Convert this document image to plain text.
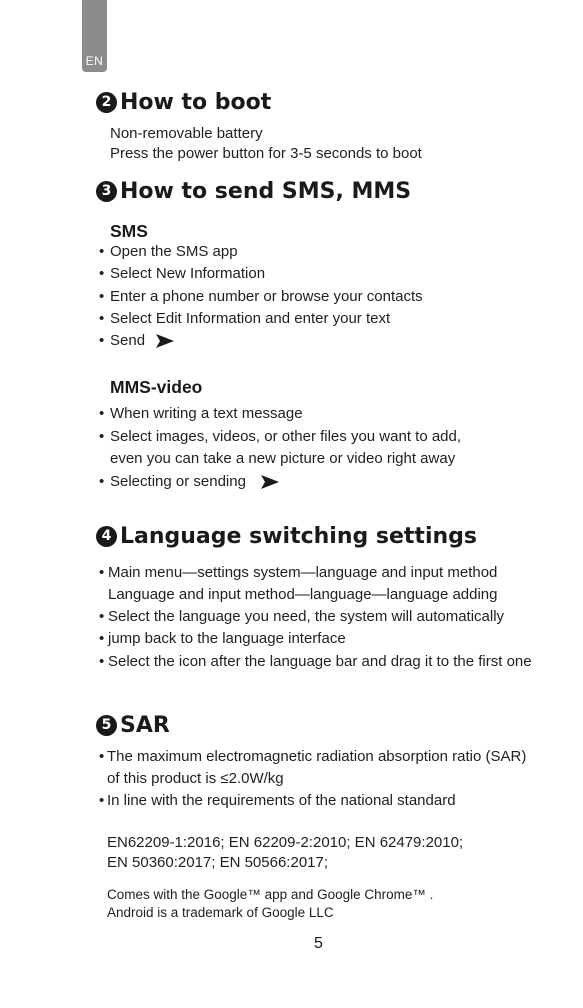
EN
2 How to boot
Non-removable battery
Press the power button for 3-5 seconds to boot
3 How to send SMS, MMS
SMS
• Open the SMS app
• Select New Information
• Enter a phone number or browse your contacts
• Select Edit Information and enter your text
• Send
MMS-video
• When writing a text message
• Select images, videos, or other files you want to add,
even you can take a new picture or video right away
• Selecting or sending
4 Language switching settings
• Main menu—settings system—language and input method
Language and input method—language—language adding
• Select the language you need, the system will automatically
• jump back to the language interface
• Select the icon after the language bar and drag it to the first one
5 SAR
• The maximum electromagnetic radiation absorption ratio (SAR)
of this product is ≤2.0W/kg
• In line with the requirements of the national standard
EN62209-1:2016; EN 62209-2:2010; EN 62479:2010;
EN 50360:2017; EN 50566:2017;
Comes with the Google™ app and Google Chrome™ .
Android is a trademark of Google LLC
5
